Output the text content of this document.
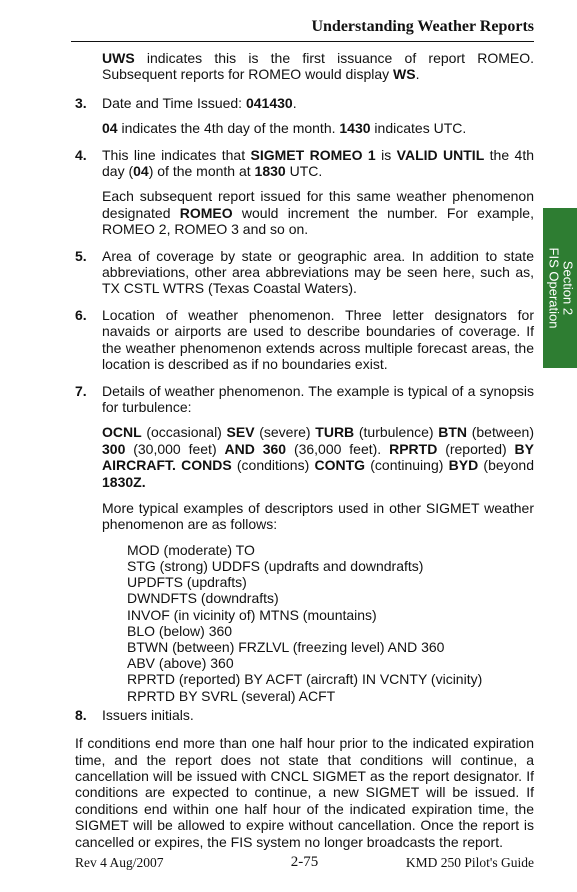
Understanding Weather Reports
Section 2
FIS Operation

UWS indicates this is the first issuance of report ROMEO. Subsequent reports for ROMEO would display WS.

3. Date and Time Issued: 041430.

04 indicates the 4th day of the month. 1430 indicates UTC.

4. This line indicates that SIGMET ROMEO 1 is VALID UNTIL the 4th day (04) of the month at 1830 UTC.

Each subsequent report issued for this same weather phenomenon designated ROMEO would increment the number. For example, ROMEO 2, ROMEO 3 and so on.

5. Area of coverage by state or geographic area. In addition to state abbreviations, other area abbreviations may be seen here, such as, TX CSTL WTRS (Texas Coastal Waters).

6. Location of weather phenomenon. Three letter designators for navaids or airports are used to describe boundaries of coverage. If the weather phenomenon extends across multiple forecast areas, the location is described as if no boundaries exist.

7. Details of weather phenomenon. The example is typical of a synopsis for turbulence:

OCNL (occasional) SEV (severe) TURB (turbulence) BTN (between) 300 (30,000 feet) AND 360 (36,000 feet). RPRTD (reported) BY AIRCRAFT. CONDS (conditions) CONTG (continuing) BYD (beyond 1830Z.

More typical examples of descriptors used in other SIGMET weather phenomenon are as follows:

MOD (moderate) TO
STG (strong) UDDFS (updrafts and downdrafts)
UPDFTS (updrafts)
DWNDFTS (downdrafts)
INVOF (in vicinity of) MTNS (mountains)
BLO (below) 360
BTWN (between) FRZLVL (freezing level) AND 360
ABV (above) 360
RPRTD (reported) BY ACFT (aircraft) IN VCNTY (vicinity)
RPRTD BY SVRL (several) ACFT
8. Issuers initials.

If conditions end more than one half hour prior to the indicated expiration time, and the report does not state that conditions will continue, a cancellation will be issued with CNCL SIGMET as the report designator. If conditions are expected to continue, a new SIGMET will be issued. If conditions end within one half hour of the indicated expiration time, the SIGMET will be allowed to expire without cancellation. Once the report is cancelled or expires, the FIS system no longer broadcasts the report.

Rev 4 Aug/2007	2-75	KMD 250 Pilot's Guide
